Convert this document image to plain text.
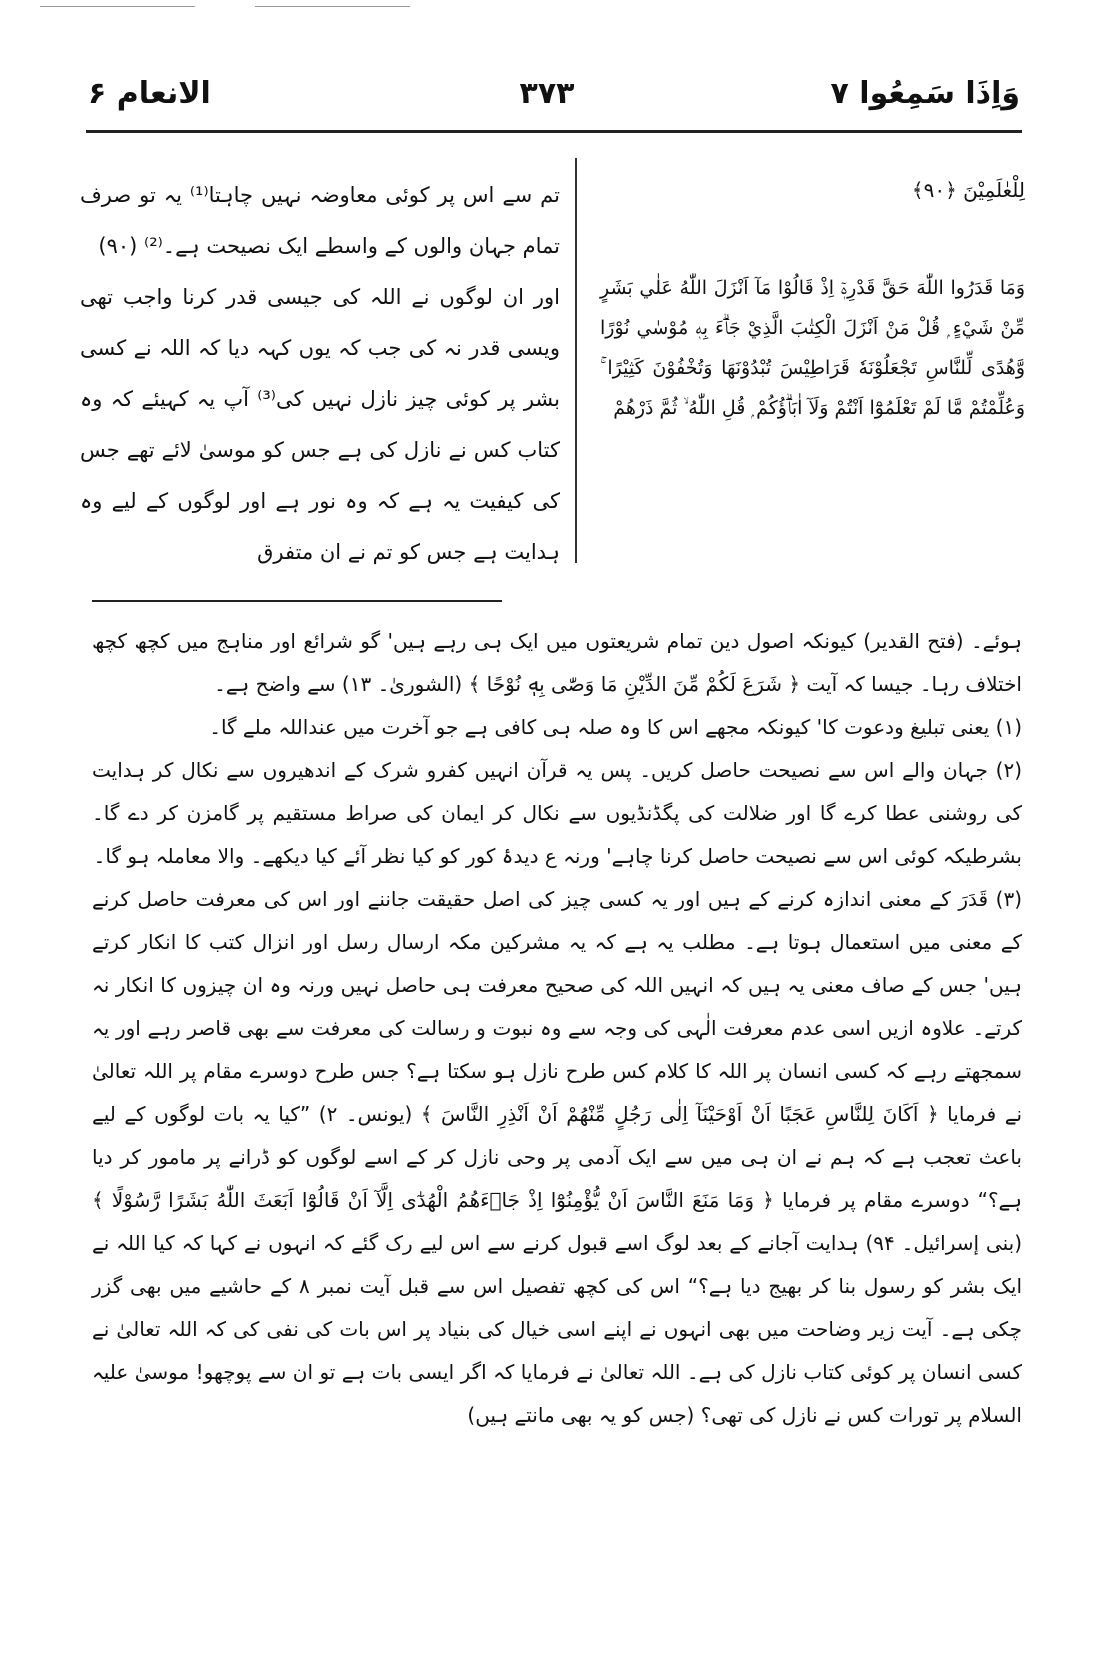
الانعام ۶	۳۷۳	وَاِذَا سَمِعُوا ۷

تم سے اس پر کوئی معاوضہ نہیں چاہتا⁽¹⁾ یہ تو صرف تمام جہان والوں کے واسطے ایک نصیحت ہے۔⁽²⁾ (۹۰)

اور ان لوگوں نے اللہ کی جیسی قدر کرنا واجب تھی ویسی قدر نہ کی جب کہ یوں کہہ دیا کہ اللہ نے کسی بشر پر کوئی چیز نازل نہیں کی⁽³⁾ آپ یہ کہیئے کہ وہ کتاب کس نے نازل کی ہے جس کو موسیٰ لائے تھے جس کی کیفیت یہ ہے کہ وہ نور ہے اور لوگوں کے لیے وہ ہدایت ہے جس کو تم نے ان متفرق

لِلْعٰلَمِيْنَ ﴿۹۰﴾

وَمَا قَدَرُوا اللّٰهَ حَقَّ قَدْرِهٖٓ اِذْ قَالُوْا مَآ اَنْزَلَ اللّٰهُ عَلٰي بَشَرٍ مِّنْ شَيْءٍ ۭ قُلْ مَنْ اَنْزَلَ الْكِتٰبَ الَّذِيْ جَاۗءَ بِهٖ مُوْسٰي نُوْرًا وَّهُدًى لِّلنَّاسِ تَجْعَلُوْنَهٗ قَرَاطِيْسَ تُبْدُوْنَهَا وَتُخْفُوْنَ كَثِيْرًا ۚ وَعُلِّمْتُمْ مَّا لَمْ تَعْلَمُوْٓا اَنْتُمْ وَلَآ اٰبَاۗؤُكُمْ ۭ قُلِ اللّٰهُ ۙ ثُمَّ ذَرْهُمْ

ہوئے۔ (فتح القدیر) کیونکہ اصول دین تمام شریعتوں میں ایک ہی رہے ہیں' گو شرائع اور مناہج میں کچھ کچھ اختلاف رہا۔ جیسا کہ آیت ﴿ شَرَعَ لَكُمْ مِّنَ الدِّيْنِ مَا وَصّٰى بِهٖ نُوْحًا ﴾ (الشوریٰ۔ ۱۳) سے واضح ہے۔

(۱) یعنی تبلیغ ودعوت کا' کیونکہ مجھے اس کا وہ صلہ ہی کافی ہے جو آخرت میں عنداللہ ملے گا۔

(۲) جہان والے اس سے نصیحت حاصل کریں۔ پس یہ قرآن انہیں کفرو شرک کے اندھیروں سے نکال کر ہدایت کی روشنی عطا کرے گا اور ضلالت کی پگڈنڈیوں سے نکال کر ایمان کی صراط مستقیم پر گامزن کر دے گا۔ بشرطیکہ کوئی اس سے نصیحت حاصل کرنا چاہے' ورنہ ع دیدۂ کور کو کیا نظر آئے کیا دیکھے۔ والا معاملہ ہو گا۔

(۳) قَدَرَ کے معنی اندازہ کرنے کے ہیں اور یہ کسی چیز کی اصل حقیقت جاننے اور اس کی معرفت حاصل کرنے کے معنی میں استعمال ہوتا ہے۔ مطلب یہ ہے کہ یہ مشرکین مکہ ارسال رسل اور انزال کتب کا انکار کرتے ہیں' جس کے صاف معنی یہ ہیں کہ انہیں اللہ کی صحیح معرفت ہی حاصل نہیں ورنہ وہ ان چیزوں کا انکار نہ کرتے۔ علاوہ ازیں اسی عدم معرفت الٰہی کی وجہ سے وہ نبوت و رسالت کی معرفت سے بھی قاصر رہے اور یہ سمجھتے رہے کہ کسی انسان پر اللہ کا کلام کس طرح نازل ہو سکتا ہے؟ جس طرح دوسرے مقام پر اللہ تعالیٰ نے فرمایا ﴿ اَكَانَ لِلنَّاسِ عَجَبًا اَنْ اَوْحَيْنَآ اِلٰى رَجُلٍ مِّنْهُمْ اَنْ اَنْذِرِ النَّاسَ ﴾ (یونس۔ ۲) ”کیا یہ بات لوگوں کے لیے باعث تعجب ہے کہ ہم نے ان ہی میں سے ایک آدمی پر وحی نازل کر کے اسے لوگوں کو ڈرانے پر مامور کر دیا ہے؟“ دوسرے مقام پر فرمایا ﴿ وَمَا مَنَعَ النَّاسَ اَنْ يُّؤْمِنُوْٓا اِذْ جَاۗءَهُمُ الْهُدٰٓى اِلَّآ اَنْ قَالُوْٓا اَبَعَثَ اللّٰهُ بَشَرًا رَّسُوْلًا ﴾ (بنی إسرائیل۔ ۹۴) ہدایت آجانے کے بعد لوگ اسے قبول کرنے سے اس لیے رک گئے کہ انہوں نے کہا کہ کیا اللہ نے ایک بشر کو رسول بنا کر بھیج دیا ہے؟“ اس کی کچھ تفصیل اس سے قبل آیت نمبر ۸ کے حاشیے میں بھی گزر چکی ہے۔ آیت زیر وضاحت میں بھی انہوں نے اپنے اسی خیال کی بنیاد پر اس بات کی نفی کی کہ اللہ تعالیٰ نے کسی انسان پر کوئی کتاب نازل کی ہے۔ اللہ تعالیٰ نے فرمایا کہ اگر ایسی بات ہے تو ان سے پوچھو! موسیٰ علیہ السلام پر تورات کس نے نازل کی تھی؟ (جس کو یہ بھی مانتے ہیں)
